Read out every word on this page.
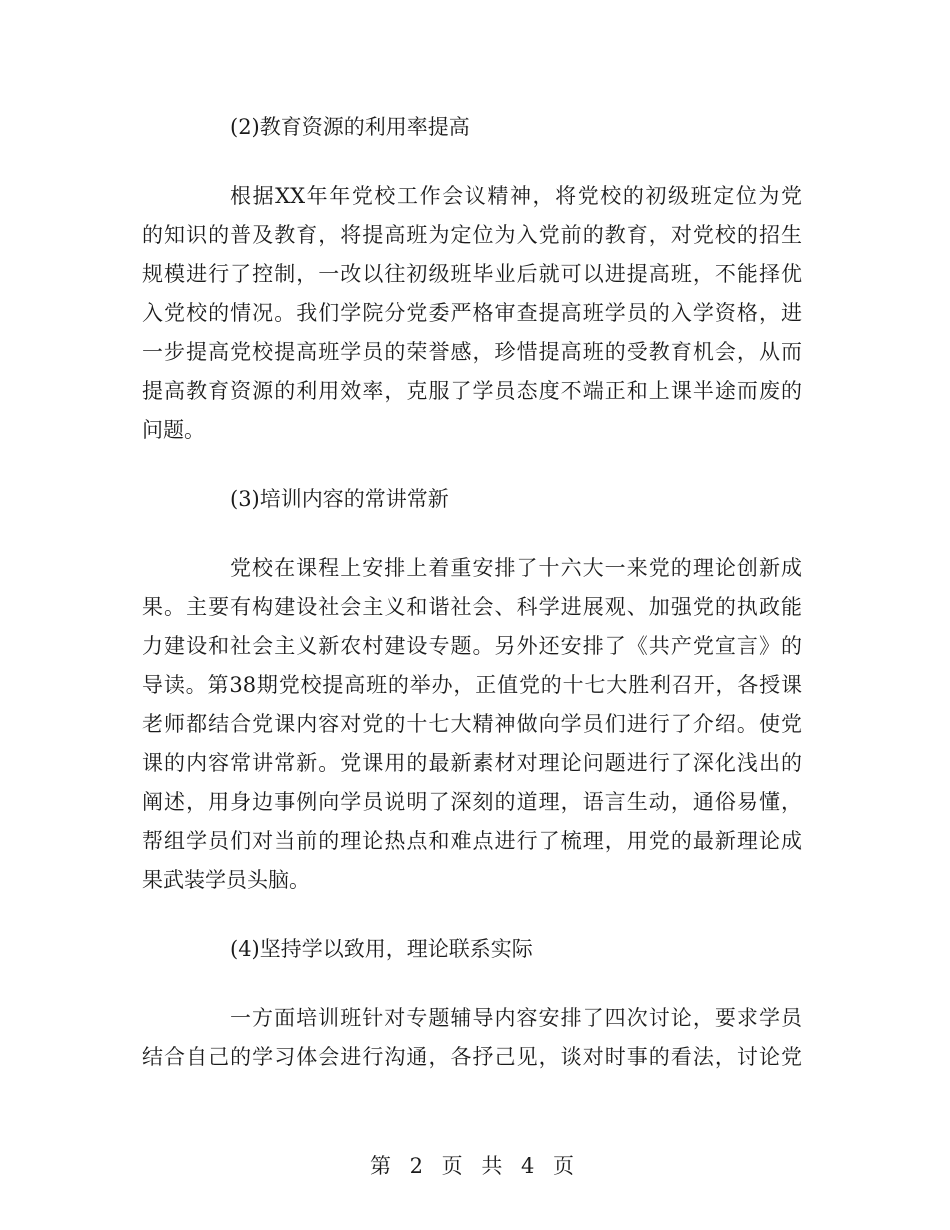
(2)教育资源的利用率提高
根据XX年年党校工作会议精神，将党校的初级班定位为党
的知识的普及教育，将提高班为定位为入党前的教育，对党校的招生
规模进行了控制，一改以往初级班毕业后就可以进提高班，不能择优
入党校的情况。我们学院分党委严格审查提高班学员的入学资格，进
一步提高党校提高班学员的荣誉感，珍惜提高班的受教育机会，从而
提高教育资源的利用效率，克服了学员态度不端正和上课半途而废的
问题。
(3)培训内容的常讲常新
党校在课程上安排上着重安排了十六大一来党的理论创新成
果。主要有构建设社会主义和谐社会、科学进展观、加强党的执政能
力建设和社会主义新农村建设专题。另外还安排了《共产党宣言》的
导读。第38期党校提高班的举办，正值党的十七大胜利召开，各授课
老师都结合党课内容对党的十七大精神做向学员们进行了介绍。使党
课的内容常讲常新。党课用的最新素材对理论问题进行了深化浅出的
阐述，用身边事例向学员说明了深刻的道理，语言生动，通俗易懂，
帮组学员们对当前的理论热点和难点进行了梳理，用党的最新理论成
果武装学员头脑。
(4)坚持学以致用，理论联系实际
一方面培训班针对专题辅导内容安排了四次讨论，要求学员
结合自己的学习体会进行沟通，各抒己见，谈对时事的看法，讨论党
第 2 页 共 4 页
